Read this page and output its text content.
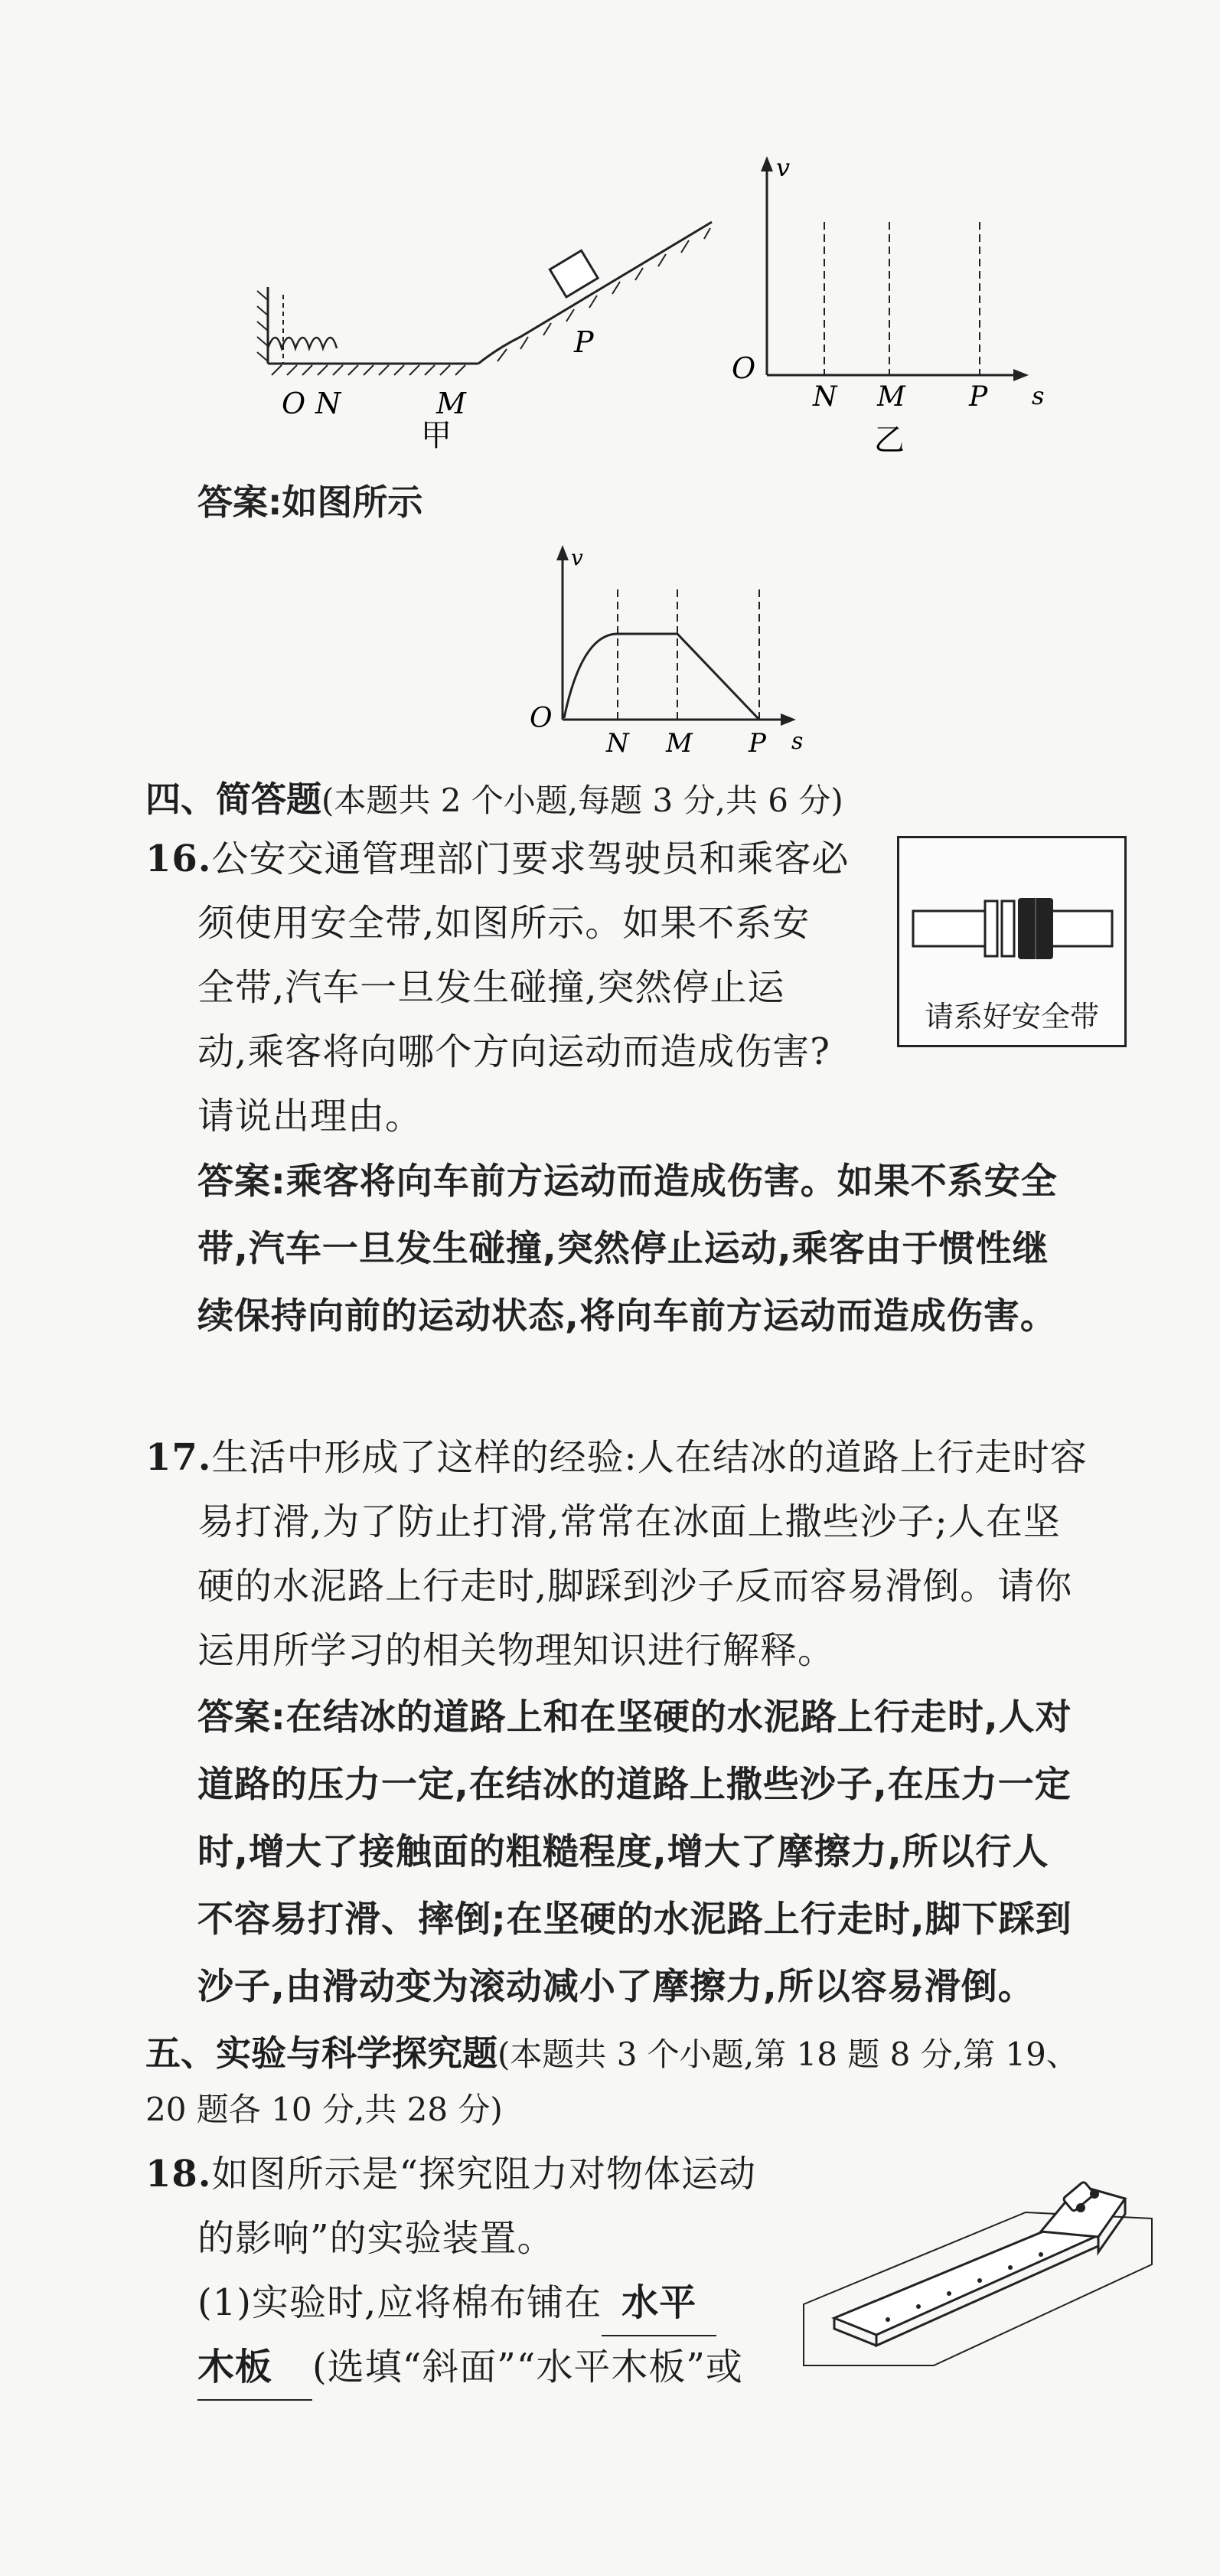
O N	M
P
甲
v
s
O
N M P
乙
答案:如图所示
v
s
O
N M P
四、简答题(本题共 2 个小题,每题 3 分,共 6 分)
16.公安交通管理部门要求驾驶员和乘客必
须使用安全带,如图所示。如果不系安
全带,汽车一旦发生碰撞,突然停止运
动,乘客将向哪个方向运动而造成伤害?
请说出理由。
请系好安全带
答案:乘客将向车前方运动而造成伤害。如果不系安全
带,汽车一旦发生碰撞,突然停止运动,乘客由于惯性继
续保持向前的运动状态,将向车前方运动而造成伤害。
17.生活中形成了这样的经验:人在结冰的道路上行走时容
易打滑,为了防止打滑,常常在冰面上撒些沙子;人在坚
硬的水泥路上行走时,脚踩到沙子反而容易滑倒。请你
运用所学习的相关物理知识进行解释。
答案:在结冰的道路上和在坚硬的水泥路上行走时,人对
道路的压力一定,在结冰的道路上撒些沙子,在压力一定
时,增大了接触面的粗糙程度,增大了摩擦力,所以行人
不容易打滑、摔倒;在坚硬的水泥路上行走时,脚下踩到
沙子,由滑动变为滚动减小了摩擦力,所以容易滑倒。
五、实验与科学探究题(本题共 3 个小题,第 18 题 8 分,第 19、
20 题各 10 分,共 28 分)
18.如图所示是“探究阻力对物体运动
的影响”的实验装置。
(1)实验时,应将棉布铺在 水平
木板 (选填“斜面”“水平木板”或
